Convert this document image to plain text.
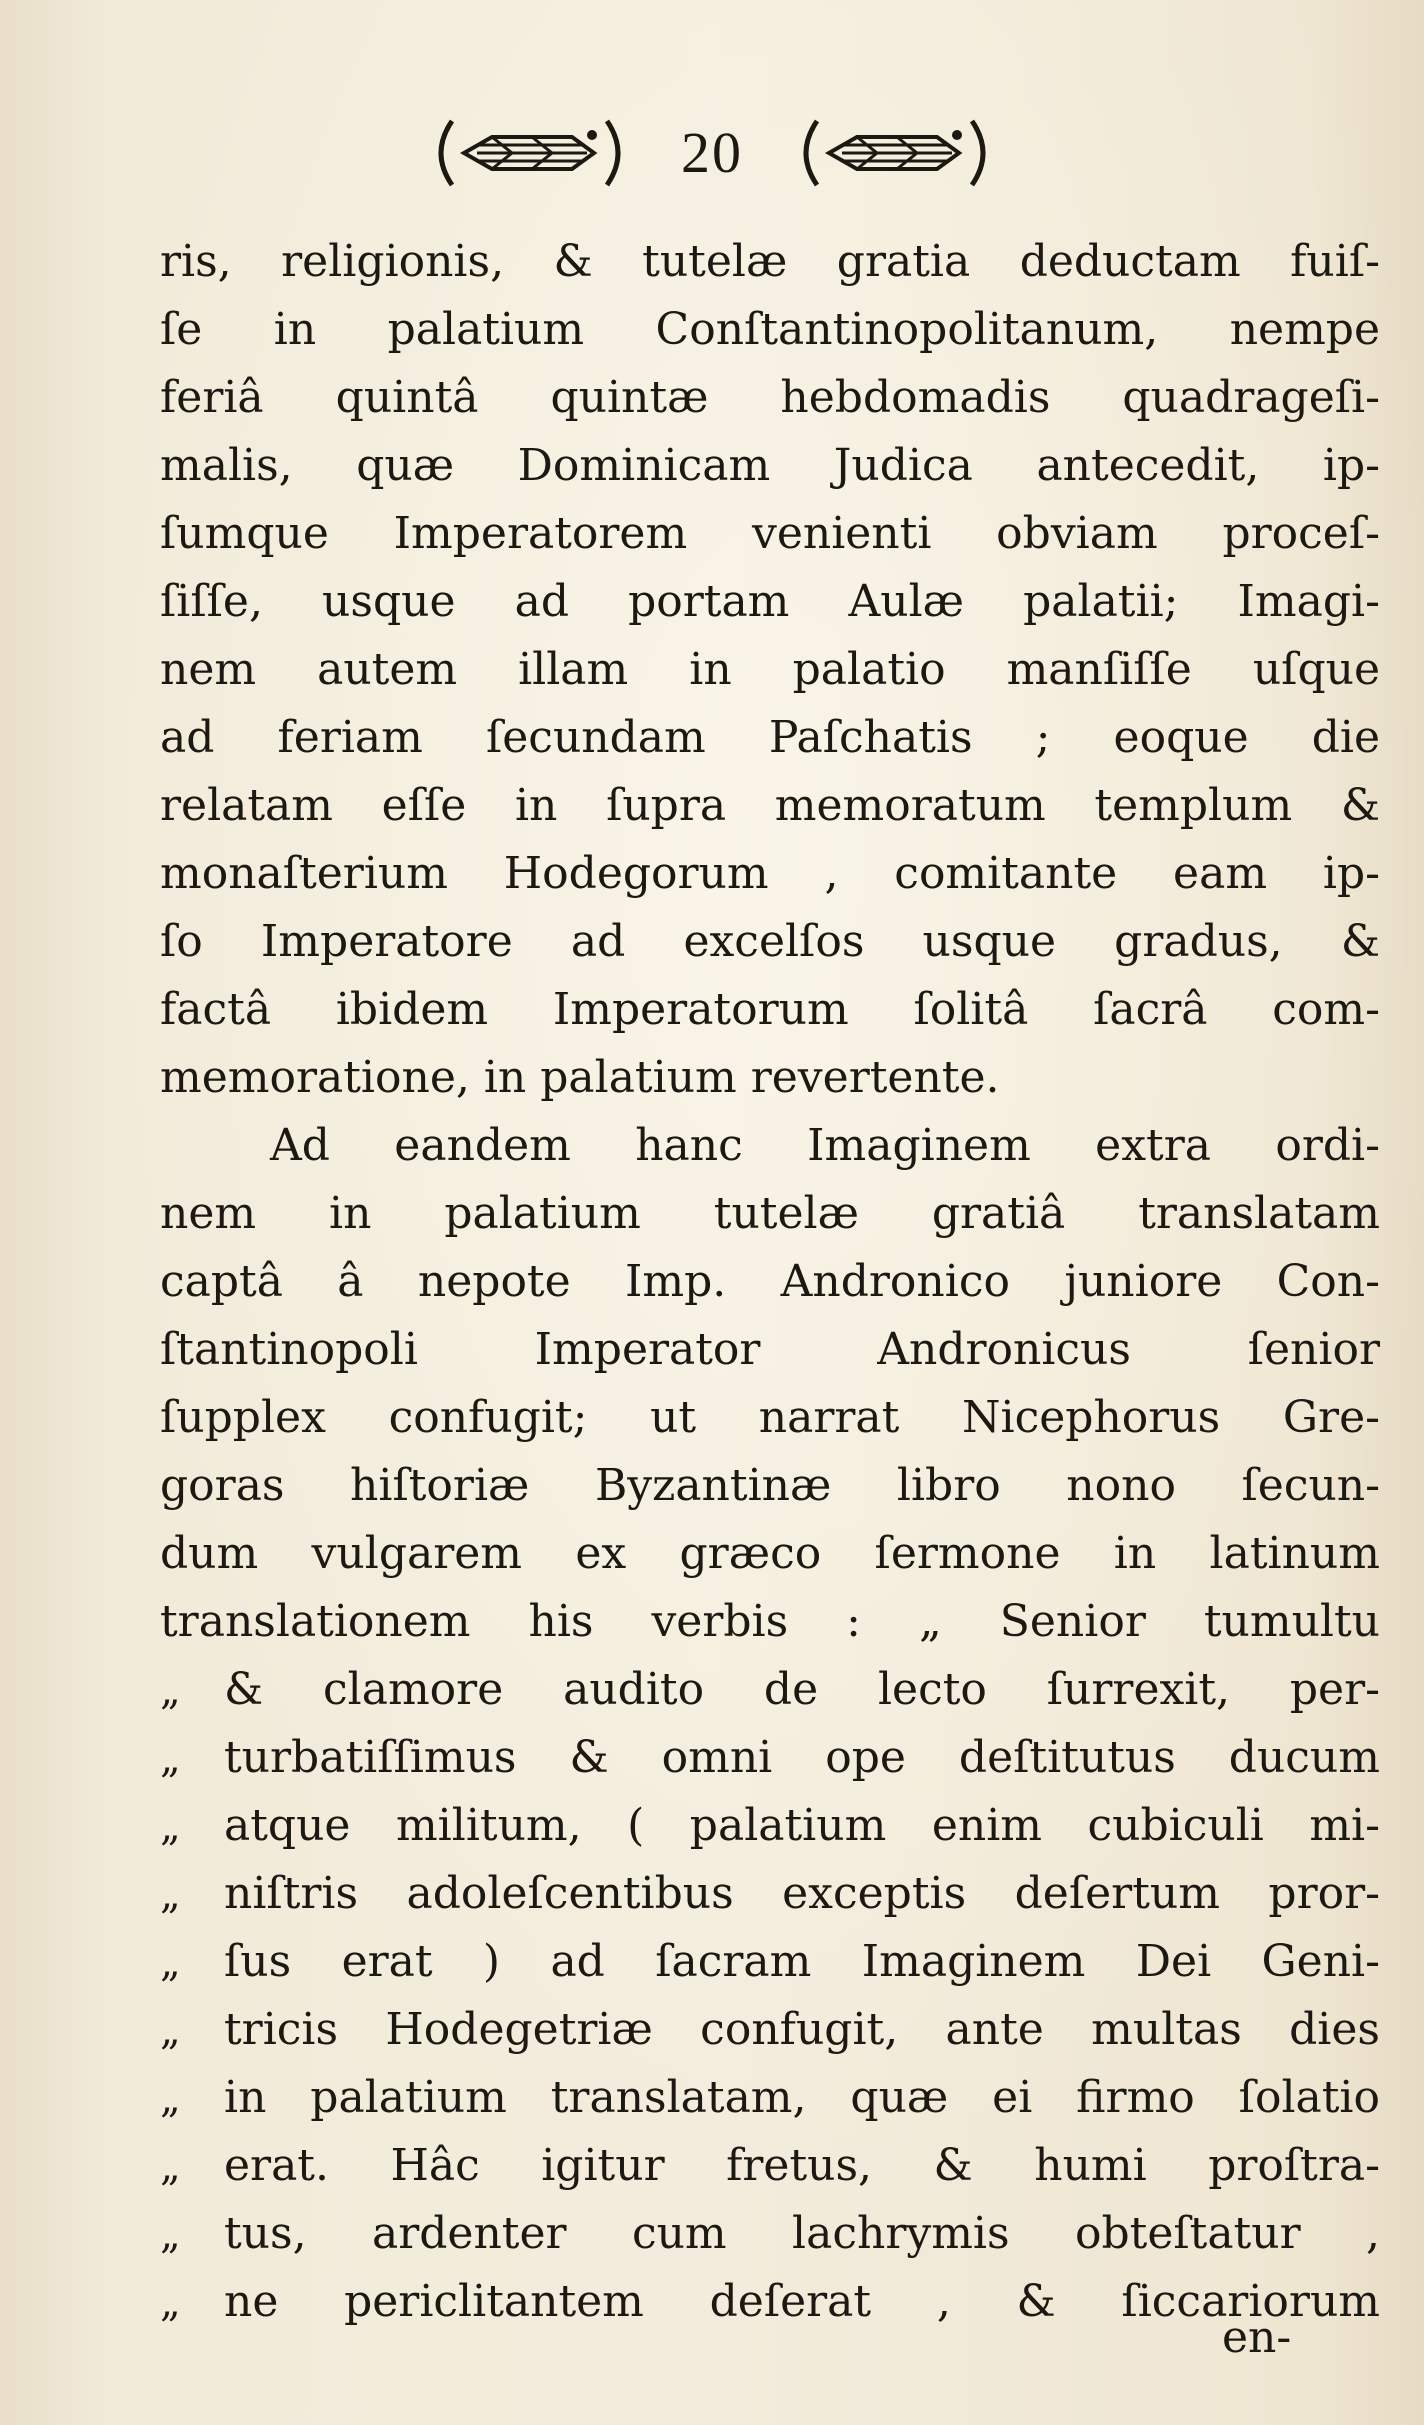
20
ris, religionis, & tutelæ gratia deductam fuiſ-
ſe in palatium Conſtantinopolitanum, nempe
feriâ quintâ quintæ hebdomadis quadrageſi-
malis, quæ Dominicam Judica antecedit, ip-
ſumque Imperatorem venienti obviam proceſ-
ſiſſe, usque ad portam Aulæ palatii; Imagi-
nem autem illam in palatio manſiſſe uſque
ad feriam ſecundam Paſchatis ; eoque die
relatam eſſe in ſupra memoratum templum &
monaſterium Hodegorum , comitante eam ip-
ſo Imperatore ad excelſos usque gradus, &
factâ ibidem Imperatorum ſolitâ ſacrâ com-
memoratione, in palatium revertente.
Ad eandem hanc Imaginem extra ordi-
nem in palatium tutelæ gratiâ translatam
captâ â nepote Imp. Andronico juniore Con-
ſtantinopoli Imperator Andronicus ſenior
ſupplex confugit; ut narrat Nicephorus Gre-
goras hiſtoriæ Byzantinæ libro nono ſecun-
dum vulgarem ex græco ſermone in latinum
translationem his verbis : „ Senior tumultu
„ & clamore audito de lecto ſurrexit, per-
„ turbatiſſimus & omni ope deſtitutus ducum
„ atque militum, ( palatium enim cubiculi mi-
„ niſtris adoleſcentibus exceptis deſertum pror-
„ ſus erat ) ad ſacram Imaginem Dei Geni-
„ tricis Hodegetriæ confugit, ante multas dies
„ in palatium translatam, quæ ei firmo ſolatio
„ erat. Hâc igitur fretus, & humi proſtra-
„ tus, ardenter cum lachrymis obteſtatur ,
„ ne periclitantem deſerat , & ſiccariorum
en-
